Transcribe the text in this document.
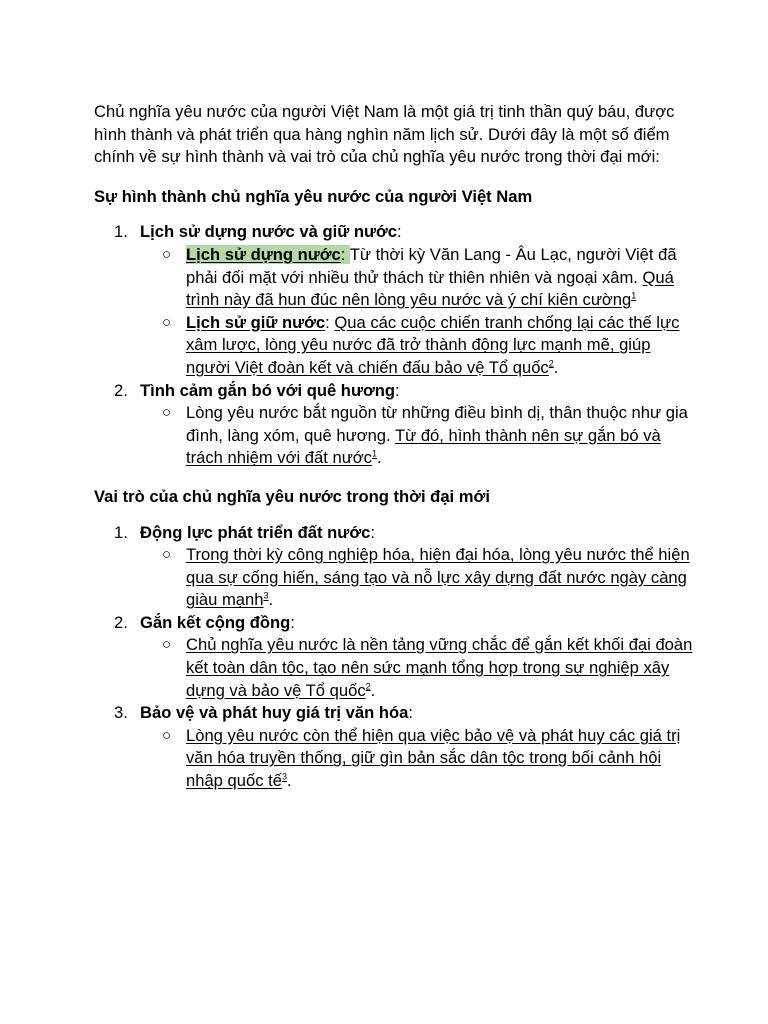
Chủ nghĩa yêu nước của người Việt Nam là một giá trị tinh thần quý báu, được hình thành và phát triển qua hàng nghìn năm lịch sử. Dưới đây là một số điểm chính về sự hình thành và vai trò của chủ nghĩa yêu nước trong thời đại mới:

Sự hình thành chủ nghĩa yêu nước của người Việt Nam
1. Lịch sử dựng nước và giữ nước:
○ Lịch sử dựng nước: Từ thời kỳ Văn Lang - Âu Lạc, người Việt đã phải đối mặt với nhiều thử thách từ thiên nhiên và ngoại xâm. Quá trình này đã hun đúc nên lòng yêu nước và ý chí kiên cường$^1$
○ Lịch sử giữ nước: Qua các cuộc chiến tranh chống lại các thế lực xâm lược, lòng yêu nước đã trở thành động lực mạnh mẽ, giúp người Việt đoàn kết và chiến đấu bảo vệ Tổ quốc$^2$.
2. Tình cảm gắn bó với quê hương:
○ Lòng yêu nước bắt nguồn từ những điều bình dị, thân thuộc như gia đình, làng xóm, quê hương. Từ đó, hình thành nên sự gắn bó và trách nhiệm với đất nước$^1$.
Vai trò của chủ nghĩa yêu nước trong thời đại mới
1. Động lực phát triển đất nước:
○ Trong thời kỳ công nghiệp hóa, hiện đại hóa, lòng yêu nước thể hiện qua sự cống hiến, sáng tạo và nỗ lực xây dựng đất nước ngày càng giàu mạnh$^3$.
2. Gắn kết cộng đồng:
○ Chủ nghĩa yêu nước là nền tảng vững chắc để gắn kết khối đại đoàn kết toàn dân tộc, tạo nên sức mạnh tổng hợp trong sự nghiệp xây dựng và bảo vệ Tổ quốc$^2$.
3. Bảo vệ và phát huy giá trị văn hóa:
○ Lòng yêu nước còn thể hiện qua việc bảo vệ và phát huy các giá trị văn hóa truyền thống, giữ gìn bản sắc dân tộc trong bối cảnh hội nhập quốc tế$^3$.
